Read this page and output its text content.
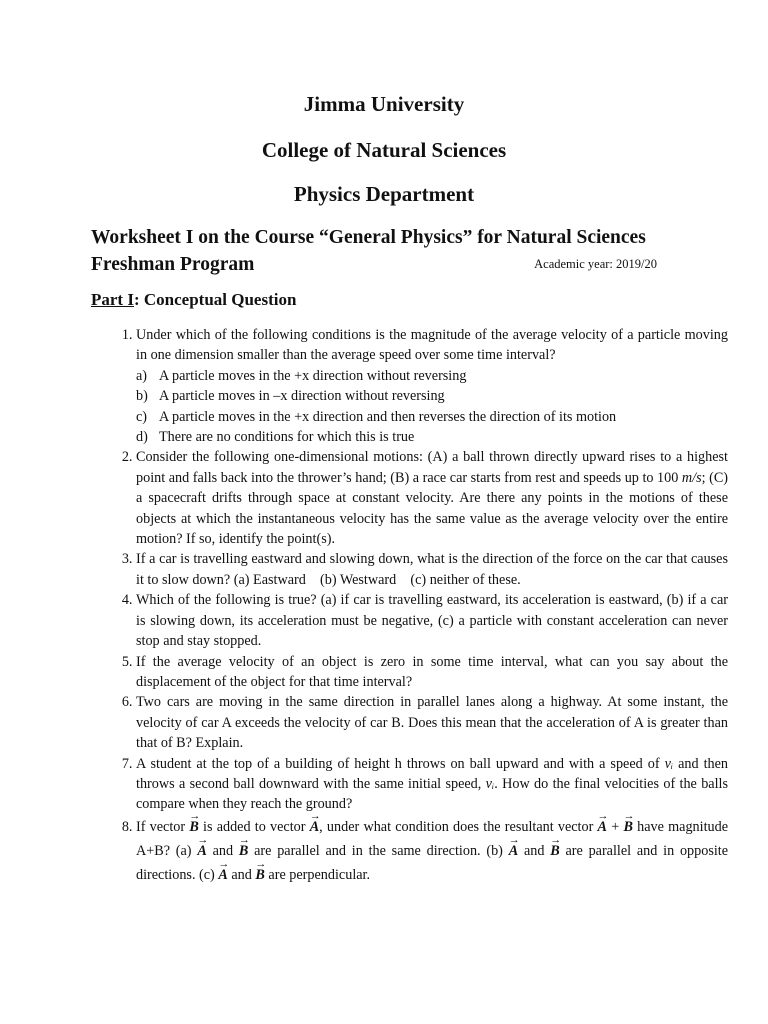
Jimma University

College of Natural Sciences

Physics Department

Worksheet I on the Course “General Physics” for Natural Sciences
Freshman Program	Academic year: 2019/20
Part I: Conceptual Question
1. Under which of the following conditions is the magnitude of the average velocity of a particle moving in one dimension smaller than the average speed over some time interval?
a) A particle moves in the +x direction without reversing
b) A particle moves in –x direction without reversing
c) A particle moves in the +x direction and then reverses the direction of its motion
d) There are no conditions for which this is true
2. Consider the following one-dimensional motions: (A) a ball thrown directly upward rises to a highest point and falls back into the thrower’s hand; (B) a race car starts from rest and speeds up to 100 m/s; (C) a spacecraft drifts through space at constant velocity. Are there any points in the motions of these objects at which the instantaneous velocity has the same value as the average velocity over the entire motion? If so, identify the point(s).
3. If a car is travelling eastward and slowing down, what is the direction of the force on the car that causes it to slow down? (a) Eastward    (b) Westward    (c) neither of these.
4. Which of the following is true? (a) if car is travelling eastward, its acceleration is eastward, (b) if a car is slowing down, its acceleration must be negative, (c) a particle with constant acceleration can never stop and stay stopped.
5. If the average velocity of an object is zero in some time interval, what can you say about the displacement of the object for that time interval?
6. Two cars are moving in the same direction in parallel lanes along a highway. At some instant, the velocity of car A exceeds the velocity of car B. Does this mean that the acceleration of A is greater than that of B? Explain.
7. A student at the top of a building of height h throws on ball upward and with a speed of vᵢ and then throws a second ball downward with the same initial speed, vᵢ. How do the final velocities of the balls compare when they reach the ground?
8. If vector → B is added to vector → A, under what condition does the resultant vector → A + → B have magnitude A+B? (a) → A and → B are parallel and in the same direction. (b) → A and → B are parallel and in opposite directions. (c) → A and → B are perpendicular.
